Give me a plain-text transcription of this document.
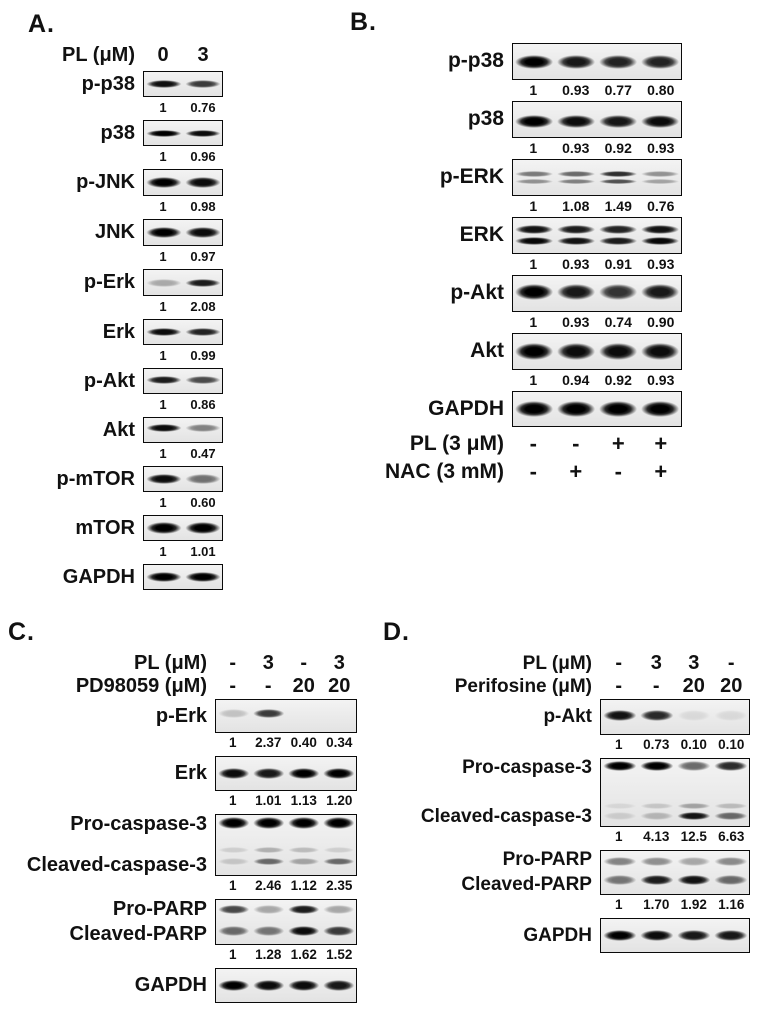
A.
PL (μM)	0	3
p-p38
1	0.76
p38
1	0.96
p-JNK
1	0.98
JNK
1	0.97
p-Erk
1	2.08
Erk
1	0.99
p-Akt
1	0.86
Akt
1	0.47
p-mTOR
1	0.60
mTOR
1	1.01
GAPDH
B.
p-p38
1	0.93	0.77	0.80
p38
1	0.93	0.92	0.93
p-ERK
1	1.08	1.49	0.76
ERK
1	0.93	0.91	0.93
p-Akt
1	0.93	0.74	0.90
Akt
1	0.94	0.92	0.93
GAPDH
PL (3 μM)	-	-	+	+
NAC (3 mM)	-	+	-	+
C.
PL (μM)	-	3	-	3
PD98059 (μM)	-	-	20 20
p-Erk
1	2.37 0.40 0.34
Erk
1	1.01 1.13 1.20
Pro-caspase-3
Cleaved-caspase-3
1	2.46 1.12 2.35
Pro-PARP
Cleaved-PARP
1	1.28 1.62 1.52
GAPDH
D.
PL (μM)	-	3	3	-
Perifosine (μM)	-	-	20 20
p-Akt
1	0.73 0.10 0.10
Pro-caspase-3
Cleaved-caspase-3
1	4.13 12.5 6.63
Pro-PARP
Cleaved-PARP
1	1.70 1.92 1.16
GAPDH
